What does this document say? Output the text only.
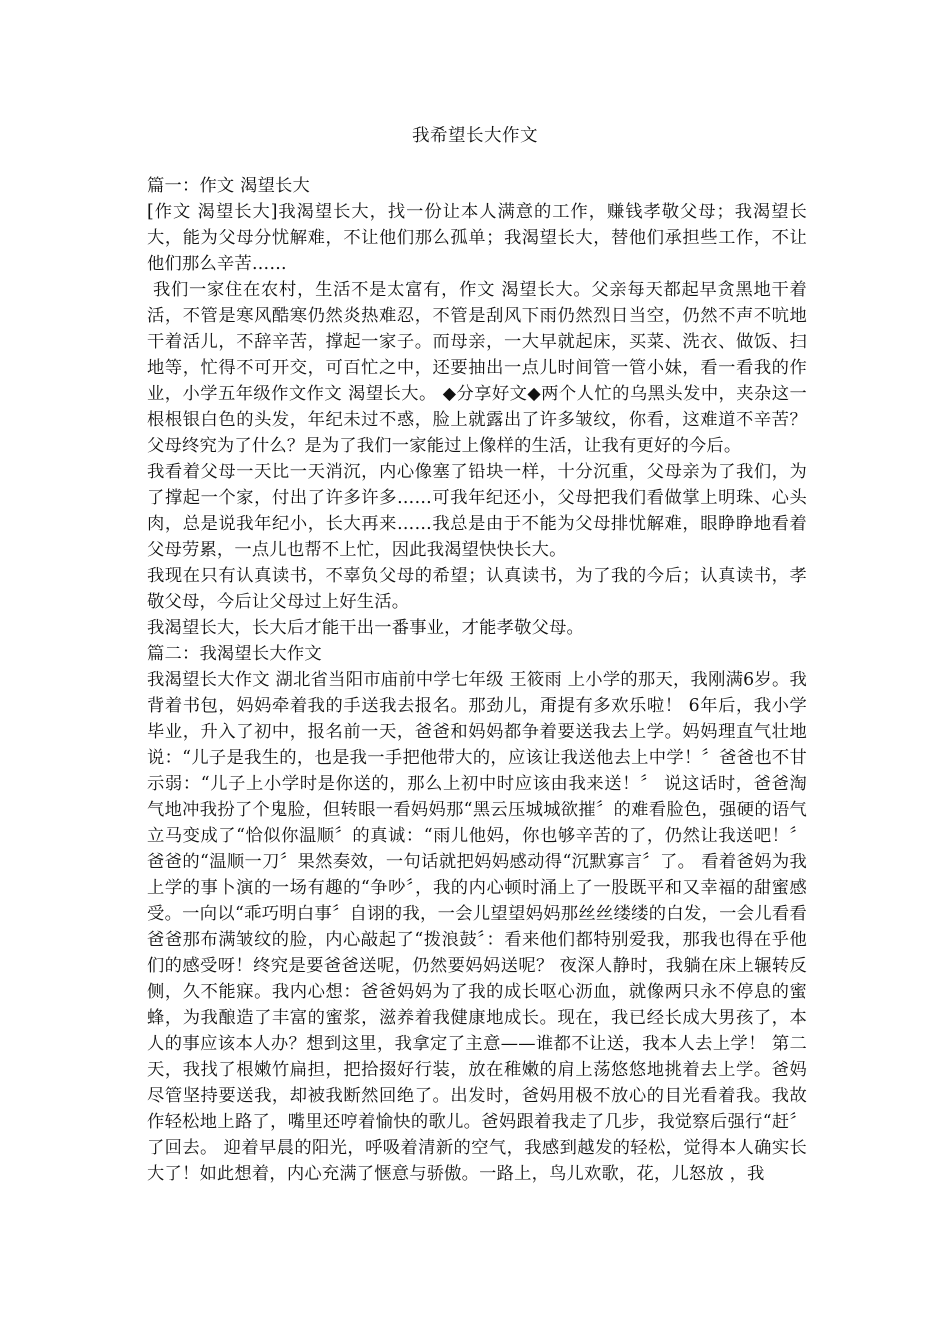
我希望长大作文

篇一：作文 渴望长大

[作文 渴望长大]我渴望长大，找一份让本人满意的工作，赚钱孝敬父母；我渴望长大，能为父母分忧解难，不让他们那么孤单；我渴望长大，替他们承担些工作，不让他们那么辛苦……

我们一家住在农村，生活不是太富有，作文 渴望长大。父亲每天都起早贪黑地干着活，不管是寒风酷寒仍然炎热难忍，不管是刮风下雨仍然烈日当空，仍然不声不吭地干着活儿，不辞辛苦，撑起一家子。而母亲，一大早就起床，买菜、洗衣、做饭、扫地等，忙得不可开交，可百忙之中，还要抽出一点儿时间管一管小妹，看一看我的作业，小学五年级作文作文 渴望长大。 ◆分享好文◆两个人忙的乌黑头发中，夹杂这一根根银白色的头发，年纪未过不惑，脸上就露出了许多皱纹，你看，这难道不辛苦？父母终究为了什么？是为了我们一家能过上像样的生活，让我有更好的今后。

我看着父母一天比一天消沉，内心像塞了铅块一样，十分沉重，父母亲为了我们，为了撑起一个家，付出了许多许多……可我年纪还小，父母把我们看做掌上明珠、心头肉，总是说我年纪小，长大再来……我总是由于不能为父母排忧解难，眼睁睁地看着父母劳累，一点儿也帮不上忙，因此我渴望快快长大。

我现在只有认真读书，不辜负父母的希望；认真读书，为了我的今后；认真读书，孝敬父母，今后让父母过上好生活。

我渴望长大，长大后才能干出一番事业，才能孝敬父母。

篇二：我渴望长大作文

我渴望长大作文 湖北省当阳市庙前中学七年级 王筱雨 上小学的那天，我刚满6岁。我背着书包，妈妈牵着我的手送我去报名。那劲儿，甭提有多欢乐啦！ 6年后，我小学毕业，升入了初中，报名前一天，爸爸和妈妈都争着要送我去上学。妈妈理直气壮地说：“儿子是我生的，也是我一手把他带大的，应该让我送他去上中学！〞爸爸也不甘示弱：“儿子上小学时是你送的，那么上初中时应该由我来送！〞 说这话时，爸爸淘气地冲我扮了个鬼脸，但转眼一看妈妈那“黑云压城城欲摧〞的难看脸色，强硬的语气立马变成了“恰似你温顺〞的真诚：“雨儿他妈，你也够辛苦的了，仍然让我送吧！〞爸爸的“温顺一刀〞果然奏效，一句话就把妈妈感动得“沉默寡言〞了。 看着爸妈为我上学的事卜演的一场有趣的“争吵〞，我的内心顿时涌上了一股既平和又幸福的甜蜜感受。一向以“乖巧明白事〞自诩的我，一会儿望望妈妈那丝丝缕缕的白发，一会儿看看爸爸那布满皱纹的脸，内心敲起了“拨浪鼓〞：看来他们都特别爱我，那我也得在乎他们的感受呀！终究是要爸爸送呢，仍然要妈妈送呢？ 夜深人静时，我躺在床上辗转反侧，久不能寐。我内心想：爸爸妈妈为了我的成长呕心沥血，就像两只永不停息的蜜蜂，为我酿造了丰富的蜜浆，滋养着我健康地成长。现在，我已经长成大男孩了，本人的事应该本人办？想到这里，我拿定了主意——谁都不让送，我本人去上学！ 第二天，我找了根嫩竹扁担，把拾掇好行装，放在稚嫩的肩上荡悠悠地挑着去上学。爸妈尽管坚持要送我，却被我断然回绝了。出发时，爸妈用极不放心的目光看着我。我故作轻松地上路了，嘴里还哼着愉快的歌儿。爸妈跟着我走了几步，我觉察后强行“赶〞了回去。 迎着早晨的阳光，呼吸着清新的空气，我感到越发的轻松，觉得本人确实长大了！如此想着，内心充满了惬意与骄傲。一路上，鸟儿欢歌，花，儿怒放 ，我
